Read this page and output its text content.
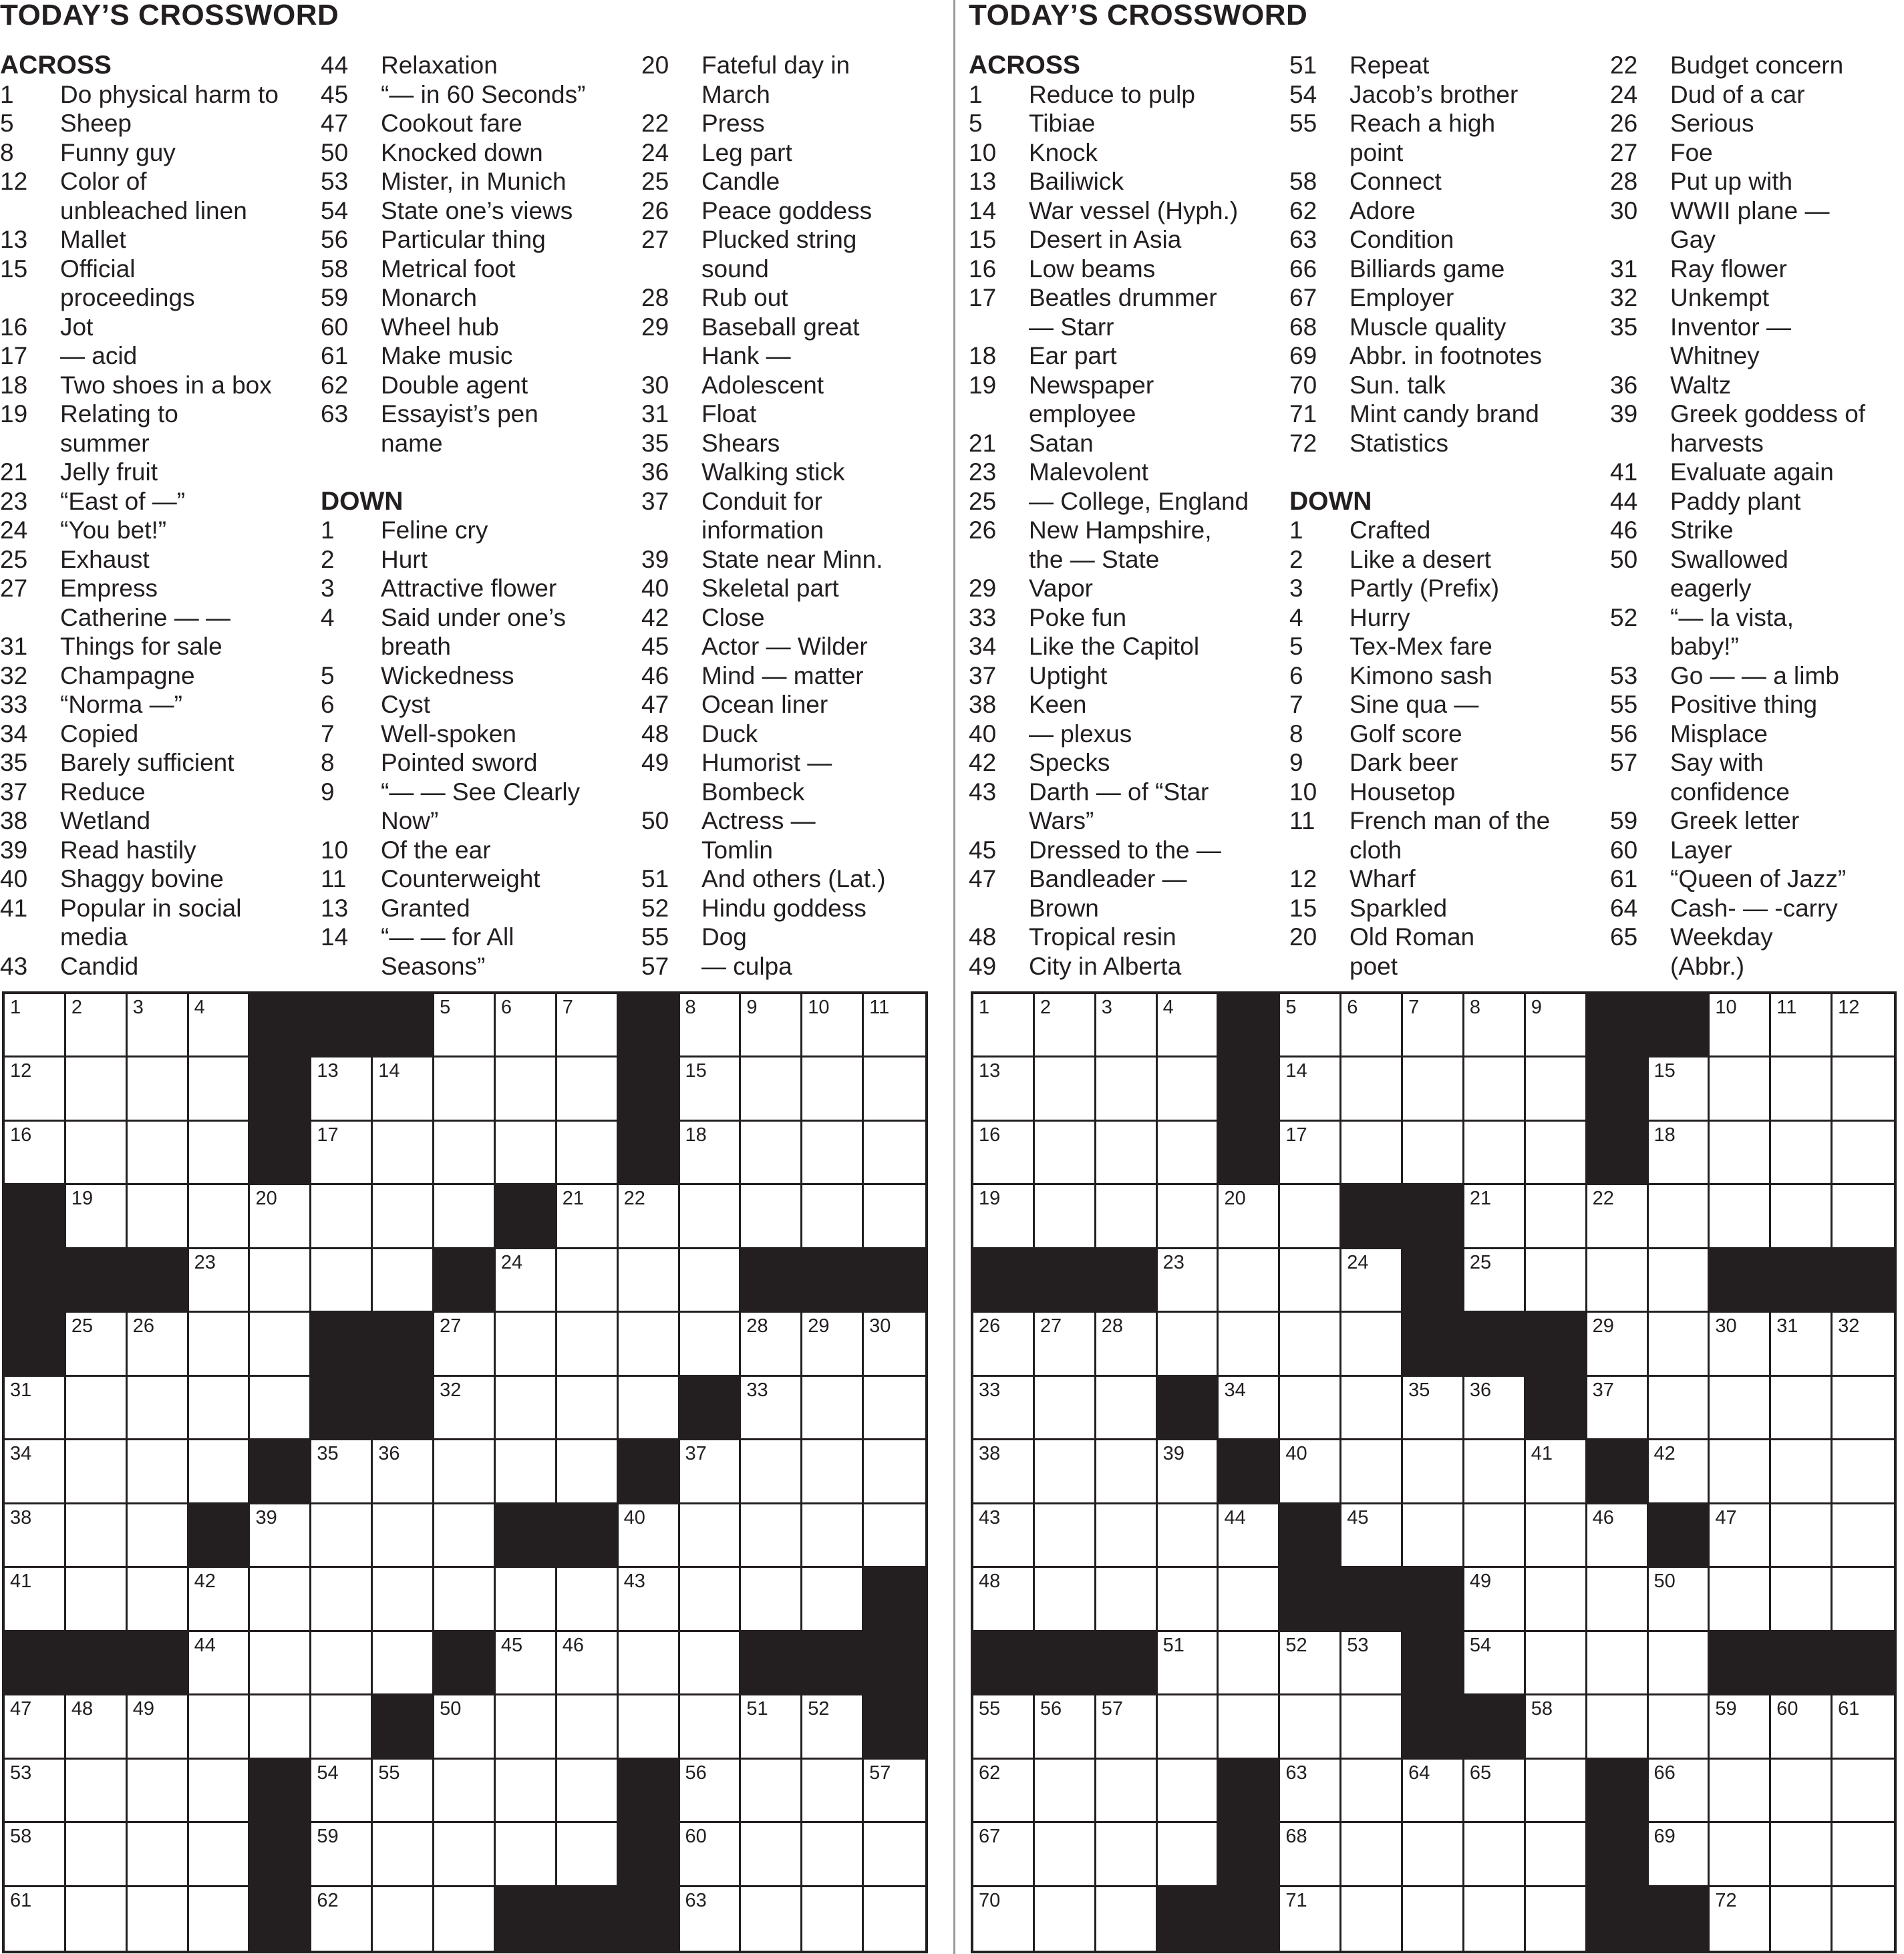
TODAY’S CROSSWORD
ACROSS
1	Do physical harm to
5	Sheep
8	Funny guy
12	Color of
unbleached linen
13	Mallet
15	Official
proceedings
16	Jot
17	— acid
18	Two shoes in a box
19	Relating to
summer
21	Jelly fruit
23	“East of —”
24	“You bet!”
25	Exhaust
27	Empress
Catherine — —
31	Things for sale
32	Champagne
33	“Norma —”
34	Copied
35	Barely sufficient
37	Reduce
38	Wetland
39	Read hastily
40	Shaggy bovine
41	Popular in social
media
43	Candid
44	Relaxation
45	“— in 60 Seconds”
47	Cookout fare
50	Knocked down
53	Mister, in Munich
54	State one’s views
56	Particular thing
58	Metrical foot
59	Monarch
60	Wheel hub
61	Make music
62	Double agent
63	Essayist’s pen
name
DOWN
1	Feline cry
2	Hurt
3	Attractive flower
4	Said under one’s
breath
5	Wickedness
6	Cyst
7	Well-spoken
8	Pointed sword
9	“— — See Clearly
Now”
10	Of the ear
11	Counterweight
13	Granted
14	“— — for All
Seasons”
20	Fateful day in
March
22	Press
24	Leg part
25	Candle
26	Peace goddess
27	Plucked string
sound
28	Rub out
29	Baseball great
Hank —
30	Adolescent
31	Float
35	Shears
36	Walking stick
37	Conduit for
information
39	State near Minn.
40	Skeletal part
42	Close
45	Actor — Wilder
46	Mind — matter
47	Ocean liner
48	Duck
49	Humorist —
Bombeck
50	Actress —
Tomlin
51	And others (Lat.)
52	Hindu goddess
55	Dog
57	— culpa
1	2	3	4	5	6	7	8	9	10 11
12	13 14	15
16	17	18
19	20	21 22
23	24
25 26	27	28 29 30
31	32	33
34	35 36	37
38	39	40
41	42	43
44	45 46
47 48 49	50	51 52
53	54 55	56	57
58	59	60
61	62	63
TODAY’S CROSSWORD
ACROSS
1	Reduce to pulp
5	Tibiae
10	Knock
13	Bailiwick
14	War vessel (Hyph.)
15	Desert in Asia
16	Low beams
17	Beatles drummer
— Starr
18	Ear part
19	Newspaper
employee
21	Satan
23	Malevolent
25	— College, England
26	New Hampshire,
the — State
29	Vapor
33	Poke fun
34	Like the Capitol
37	Uptight
38	Keen
40	— plexus
42	Specks
43	Darth — of “Star
Wars”
45	Dressed to the —
47	Bandleader —
Brown
48	Tropical resin
49	City in Alberta
51	Repeat
54	Jacob’s brother
55	Reach a high
point
58	Connect
62	Adore
63	Condition
66	Billiards game
67	Employer
68	Muscle quality
69	Abbr. in footnotes
70	Sun. talk
71	Mint candy brand
72	Statistics
DOWN
1	Crafted
2	Like a desert
3	Partly (Prefix)
4	Hurry
5	Tex-Mex fare
6	Kimono sash
7	Sine qua —
8	Golf score
9	Dark beer
10	Housetop
11	French man of the
cloth
12	Wharf
15	Sparkled
20	Old Roman
poet
22	Budget concern
24	Dud of a car
26	Serious
27	Foe
28	Put up with
30	WWII plane —
Gay
31	Ray flower
32	Unkempt
35	Inventor —
Whitney
36	Waltz
39	Greek goddess of
harvests
41	Evaluate again
44	Paddy plant
46	Strike
50	Swallowed
eagerly
52	“— la vista,
baby!”
53	Go — — a limb
55	Positive thing
56	Misplace
57	Say with
confidence
59	Greek letter
60	Layer
61	“Queen of Jazz”
64	Cash- — -carry
65	Weekday
(Abbr.)
1	2	3	4	5	6	7	8	9	10 11 12
13	14	15
16	17	18
19	20	21	22
23	24	25
26 27 28	29	30 31 32
33	34	35 36	37
38	39	40	41	42
43	44	45	46	47
48	49	50
51	52 53	54
55 56 57	58	59 60 61
62	63	64 65	66
67	68	69
70	71	72
